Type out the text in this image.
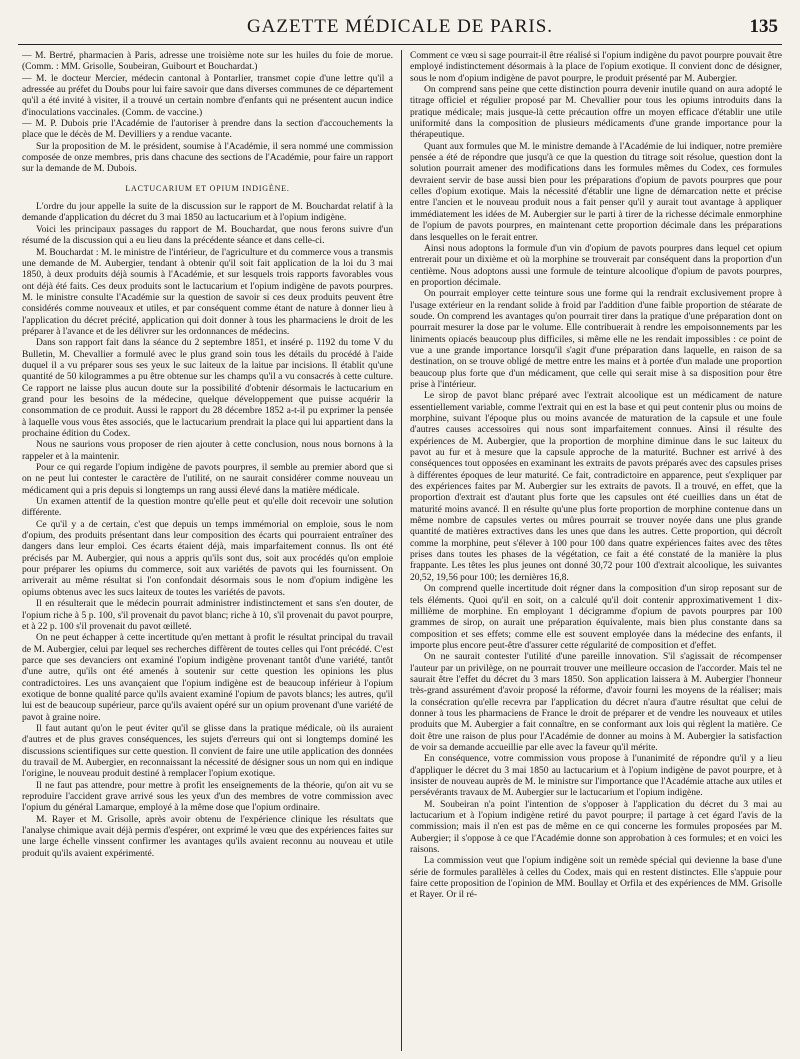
GAZETTE MÉDICALE DE PARIS.	135

— M. Bertré, pharmacien à Paris, adresse une troisième note sur les huiles du foie de morue. (Comm. : MM. Grisolle, Soubeiran, Guibourt et Bouchardat.)

— M. le docteur Mercier, médecin cantonal à Pontarlier, transmet copie d'une lettre qu'il a adressée au préfet du Doubs pour lui faire savoir que dans diverses communes de ce département qu'il a été invité à visiter, il a trouvé un certain nombre d'enfants qui ne présentent aucun indice d'inoculations vaccinales. (Comm. de vaccine.)

— M. P. Dubois prie l'Académie de l'autoriser à prendre dans la section d'accouchements la place que le décès de M. Devilliers y a rendue vacante.

Sur la proposition de M. le président, soumise à l'Académie, il sera nommé une commission composée de onze membres, pris dans chacune des sections de l'Académie, pour faire un rapport sur la demande de M. Dubois.

LACTUCARIUM ET OPIUM INDIGÈNE.

L'ordre du jour appelle la suite de la discussion sur le rapport de M. Bouchardat relatif à la demande d'application du décret du 3 mai 1850 au lactucarium et à l'opium indigène.

Voici les principaux passages du rapport de M. Bouchardat, que nous ferons suivre d'un résumé de la discussion qui a eu lieu dans la précédente séance et dans celle-ci.

M. Bouchardat : M. le ministre de l'intérieur, de l'agriculture et du commerce vous a transmis une demande de M. Aubergier, tendant à obtenir qu'il soit fait application de la loi du 3 mai 1850, à deux produits déjà soumis à l'Académie, et sur lesquels trois rapports favorables vous ont déjà été faits. Ces deux produits sont le lactucarium et l'opium indigène de pavots pourpres. M. le ministre consulte l'Académie sur la question de savoir si ces deux produits peuvent être considérés comme nouveaux et utiles, et par conséquent comme étant de nature à donner lieu à l'application du décret précité, application qui doit donner à tous les pharmaciens le droit de les préparer à l'avance et de les délivrer sur les ordonnances de médecins.

Dans son rapport fait dans la séance du 2 septembre 1851, et inséré p. 1192 du tome V du Bulletin, M. Chevallier a formulé avec le plus grand soin tous les détails du procédé à l'aide duquel il a vu préparer sous ses yeux le suc laiteux de la laitue par incisions. Il établit qu'une quantité de 50 kilogrammes a pu être obtenue sur les champs qu'il a vu consacrés à cette culture. Ce rapport ne laisse plus aucun doute sur la possibilité d'obtenir désormais le lactucarium en grand pour les besoins de la médecine, quelque développement que puisse acquérir la consommation de ce produit. Aussi le rapport du 28 décembre 1852 a-t-il pu exprimer la pensée à laquelle vous vous êtes associés, que le lactucarium prendrait la place qui lui appartient dans la prochaine édition du Codex.

Nous ne saurions vous proposer de rien ajouter à cette conclusion, nous nous bornons à la rappeler et à la maintenir.

Pour ce qui regarde l'opium indigène de pavots pourpres, il semble au premier abord que si on ne peut lui contester le caractère de l'utilité, on ne saurait considérer comme nouveau un médicament qui a pris depuis si longtemps un rang aussi élevé dans la matière médicale.

Un examen attentif de la question montre qu'elle peut et qu'elle doit recevoir une solution différente.

Ce qu'il y a de certain, c'est que depuis un temps immémorial on emploie, sous le nom d'opium, des produits présentant dans leur composition des écarts qui pourraient entraîner des dangers dans leur emploi. Ces écarts étaient déjà, mais imparfaitement connus. Ils ont été précisés par M. Aubergier, qui nous a appris qu'ils sont dus, soit aux procédés qu'on emploie pour préparer les opiums du commerce, soit aux variétés de pavots qui les fournissent. On arriverait au même résultat si l'on confondait désormais sous le nom d'opium indigène les opiums obtenus avec les sucs laiteux de toutes les variétés de pavots.

Il en résulterait que le médecin pourrait administrer indistinctement et sans s'en douter, de l'opium riche à 5 p. 100, s'il provenait du pavot blanc; riche à 10, s'il provenait du pavot pourpre, et à 22 p. 100 s'il provenait du pavot œilleté.

On ne peut échapper à cette incertitude qu'en mettant à profit le résultat principal du travail de M. Aubergier, celui par lequel ses recherches diffèrent de toutes celles qui l'ont précédé. C'est parce que ses devanciers ont examiné l'opium indigène provenant tantôt d'une variété, tantôt d'une autre, qu'ils ont été amenés à soutenir sur cette question les opinions les plus contradictoires. Les uns avançaient que l'opium indigène est de beaucoup inférieur à l'opium exotique de bonne qualité parce qu'ils avaient examiné l'opium de pavots blancs; les autres, qu'il lui est de beaucoup supérieur, parce qu'ils avaient opéré sur un opium provenant d'une variété de pavot à graine noire.

Il faut autant qu'on le peut éviter qu'il se glisse dans la pratique médicale, où ils auraient d'autres et de plus graves conséquences, les sujets d'erreurs qui ont si longtemps dominé les discussions scientifiques sur cette question. Il convient de faire une utile application des données du travail de M. Aubergier, en reconnaissant la nécessité de désigner sous un nom qui en indique l'origine, le nouveau produit destiné à remplacer l'opium exotique.

Il ne faut pas attendre, pour mettre à profit les enseignements de la théorie, qu'on ait vu se reproduire l'accident grave arrivé sous les yeux d'un des membres de votre commission avec l'opium du général Lamarque, employé à la même dose que l'opium ordinaire.

M. Rayer et M. Grisolle, après avoir obtenu de l'expérience clinique les résultats que l'analyse chimique avait déjà permis d'espérer, ont exprimé le vœu que des expériences faites sur une large échelle vinssent confirmer les avantages qu'ils avaient reconnu au nouveau et utile produit qu'ils avaient expérimenté.

Comment ce vœu si sage pourrait-il être réalisé si l'opium indigène du pavot pourpre pouvait être employé indistinctement désormais à la place de l'opium exotique. Il convient donc de désigner, sous le nom d'opium indigène de pavot pourpre, le produit présenté par M. Aubergier.

On comprend sans peine que cette distinction pourra devenir inutile quand on aura adopté le titrage officiel et régulier proposé par M. Chevallier pour tous les opiums introduits dans la pratique médicale; mais jusque-là cette précaution offre un moyen efficace d'établir une utile uniformité dans la composition de plusieurs médicaments d'une grande importance pour la thérapeutique.

Quant aux formules que M. le ministre demande à l'Académie de lui indiquer, notre première pensée a été de répondre que jusqu'à ce que la question du titrage soit résolue, question dont la solution pourrait amener des modifications dans les formules mêmes du Codex, ces formules devraient servir de base aussi bien pour les préparations d'opium de pavots pourpres que pour celles d'opium exotique. Mais la nécessité d'établir une ligne de démarcation nette et précise entre l'ancien et le nouveau produit nous a fait penser qu'il y aurait tout avantage à appliquer immédiatement les idées de M. Aubergier sur le parti à tirer de la richesse décimale enmorphine de l'opium de pavots pourpres, en maintenant cette proportion décimale dans les préparations dans lesquelles on le ferait entrer.

Ainsi nous adoptons la formule d'un vin d'opium de pavots pourpres dans lequel cet opium entrerait pour un dixième et où la morphine se trouverait par conséquent dans la proportion d'un centième. Nous adoptons aussi une formule de teinture alcoolique d'opium de pavots pourpres, en proportion décimale.

On pourrait employer cette teinture sous une forme qui la rendrait exclusivement propre à l'usage extérieur en la rendant solide à froid par l'addition d'une faible proportion de stéarate de soude. On comprend les avantages qu'on pourrait tirer dans la pratique d'une préparation dont on pourrait mesurer la dose par le volume. Elle contribuerait à rendre les empoisonnements par les liniments opiacés beaucoup plus difficiles, si même elle ne les rendait impossibles : ce point de vue a une grande importance lorsqu'il s'agit d'une préparation dans laquelle, en raison de sa destination, on se trouve obligé de mettre entre les mains et à portée d'un malade une proportion beaucoup plus forte que d'un médicament, que celle qui serait mise à sa disposition pour être prise à l'intérieur.

Le sirop de pavot blanc préparé avec l'extrait alcoolique est un médicament de nature essentiellement variable, comme l'extrait qui en est la base et qui peut contenir plus ou moins de morphine, suivant l'époque plus ou moins avancée de maturation de la capsule et une foule d'autres causes accessoires qui nous sont imparfaitement connues. Ainsi il résulte des expériences de M. Aubergier, que la proportion de morphine diminue dans le suc laiteux du pavot au fur et à mesure que la capsule approche de la maturité. Buchner est arrivé à des conséquences tout opposées en examinant les extraits de pavots préparés avec des capsules prises à différentes époques de leur maturité. Ce fait, contradictoire en apparence, peut s'expliquer par des expériences faites par M. Aubergier sur les extraits de pavots. Il a trouvé, en effet, que la proportion d'extrait est d'autant plus forte que les capsules ont été cueillies dans un état de maturité moins avancé. Il en résulte qu'une plus forte proportion de morphine contenue dans un même nombre de capsules vertes ou mûres pourrait se trouver noyée dans une plus grande quantité de matières extractives dans les unes que dans les autres. Cette proportion, qui décroît comme la morphine, peut s'élever à 100 pour 100 dans quatre expériences faites avec des têtes prises dans toutes les phases de la végétation, ce fait a été constaté de la manière la plus frappante. Les têtes les plus jeunes ont donné 30,72 pour 100 d'extrait alcoolique, les suivantes 20,52, 19,56 pour 100; les dernières 16,8.

On comprend quelle incertitude doit régner dans la composition d'un sirop reposant sur de tels éléments. Quoi qu'il en soit, on a calculé qu'il doit contenir approximativement 1 dix-millième de morphine. En employant 1 décigramme d'opium de pavots pourpres par 100 grammes de sirop, on aurait une préparation équivalente, mais bien plus constante dans sa composition et ses effets; comme elle est souvent employée dans la médecine des enfants, il importe plus encore peut-être d'assurer cette régularité de composition et d'effet.

On ne saurait contester l'utilité d'une pareille innovation. S'il s'agissait de récompenser l'auteur par un privilège, on ne pourrait trouver une meilleure occasion de l'accorder. Mais tel ne saurait être l'effet du décret du 3 mars 1850. Son application laissera à M. Aubergier l'honneur très-grand assurément d'avoir proposé la réforme, d'avoir fourni les moyens de la réaliser; mais la consécration qu'elle recevra par l'application du décret n'aura d'autre résultat que celui de donner à tous les pharmaciens de France le droit de préparer et de vendre les nouveaux et utiles produits que M. Aubergier a fait connaître, en se conformant aux lois qui règlent la matière. Ce doit être une raison de plus pour l'Académie de donner au moins à M. Aubergier la satisfaction de voir sa demande accueillie par elle avec la faveur qu'il mérite.

En conséquence, votre commission vous propose à l'unanimité de répondre qu'il y a lieu d'appliquer le décret du 3 mai 1850 au lactucarium et à l'opium indigène de pavot pourpre, et à insister de nouveau auprès de M. le ministre sur l'importance que l'Académie attache aux utiles et persévérants travaux de M. Aubergier sur le lactucarium et l'opium indigène.

M. Soubeiran n'a point l'intention de s'opposer à l'application du décret du 3 mai au lactucarium et à l'opium indigène retiré du pavot pourpre; il partage à cet égard l'avis de la commission; mais il n'en est pas de même en ce qui concerne les formules proposées par M. Aubergier; il s'oppose à ce que l'Académie donne son approbation à ces formules; et en voici les raisons.

La commission veut que l'opium indigène soit un remède spécial qui devienne la base d'une série de formules parallèles à celles du Codex, mais qui en restent distinctes. Elle s'appuie pour faire cette proposition de l'opinion de MM. Boullay et Orfila et des expériences de MM. Grisolle et Rayer. Or il ré-
